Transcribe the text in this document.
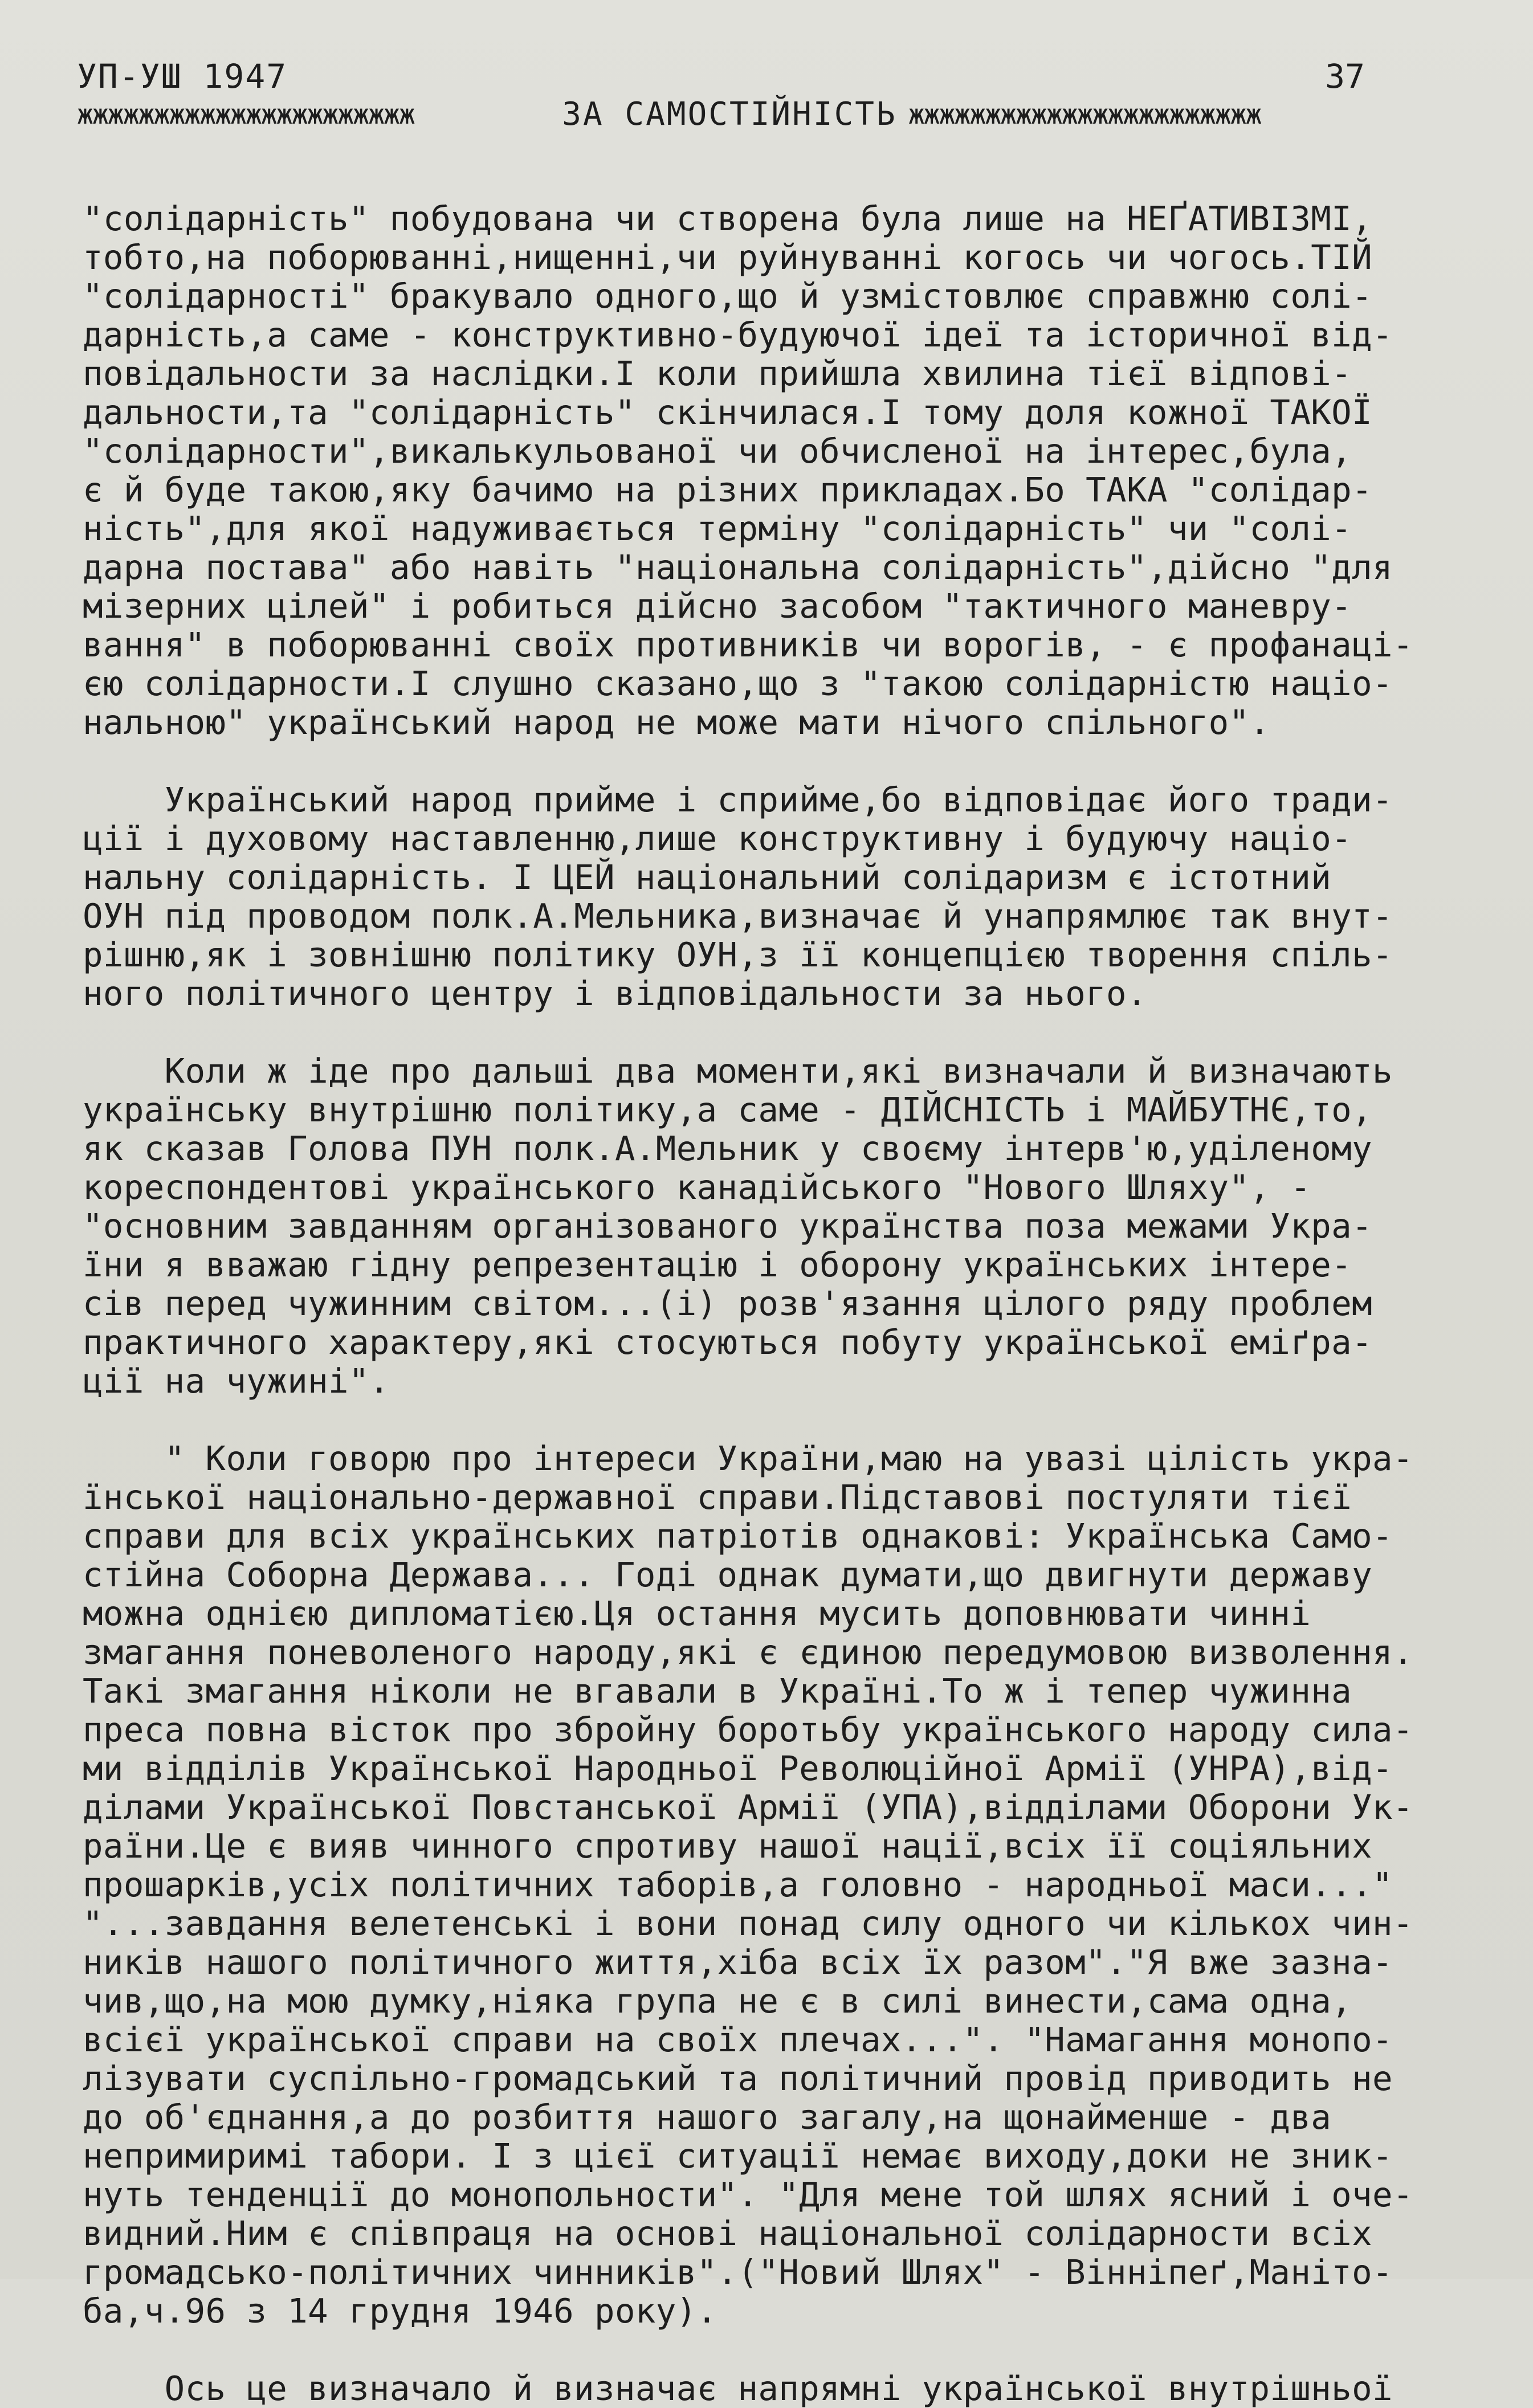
УП-УШ 1947	37
жжжжжжжжжжжжжжжжжжжжжж	ЗА САМОСТІЙНІСТЬ жжжжжжжжжжжжжжжжжжжжжжж
"солідарність" побудована чи створена була лише на НЕҐАТИВІЗМІ,
тобто,на поборюванні,нищенні,чи руйнуванні когось чи чогось.ТІЙ
"солідарності" бракувало одного,що й узмістовлює справжню солі-
дарність,а саме - конструктивно-будуючої ідеї та історичної від-
повідальности за наслідки.І коли прийшла хвилина тієї відпові-
дальности,та "солідарність" скінчилася.І тому доля кожної ТАКОЇ
"солідарности",викалькульованої чи обчисленої на інтерес,була,
є й буде такою,яку бачимо на різних прикладах.Бо ТАКА "солідар-
ність",для якої надуживається терміну "солідарність" чи "солі-
дарна постава" або навіть "національна солідарність",дійсно "для
мізерних цілей" і робиться дійсно засобом "тактичного маневру-
вання" в поборюванні своїх противників чи ворогів, - є профанаці-
єю солідарности.І слушно сказано,що з "такою солідарністю націо-
нальною" український народ не може мати нічого спільного".
Український народ прийме і сприйме,бо відповідає його тради-
ції і духовому наставленню,лише конструктивну і будуючу націо-
нальну солідарність. І ЦЕЙ національний солідаризм є істотний
ОУН під проводом полк.А.Мельника,визначає й унапрямлює так внут-
рішню,як і зовнішню політику ОУН,з її концепцією творення спіль-
ного політичного центру і відповідальности за нього.
Коли ж іде про дальші два моменти,які визначали й визначають
українську внутрішню політику,а саме - ДІЙСНІСТЬ і МАЙБУТНЄ,то,
як сказав Голова ПУН полк.А.Мельник у своєму інтерв'ю,уділеному
кореспондентові українського канадійського "Нового Шляху", -
"основним завданням організованого українства поза межами Укра-
їни я вважаю гідну репрезентацію і оборону українських інтере-
сів перед чужинним світом...(і) розв'язання цілого ряду проблем
практичного характеру,які стосуються побуту української еміґра-
ції на чужині".
" Коли говорю про інтереси України,маю на увазі цілість укра-
їнської національно-державної справи.Підставові постуляти тієї
справи для всіх українських патріотів однакові: Українська Само-
стійна Соборна Держава... Годі однак думати,що двигнути державу
можна однією дипломатією.Ця остання мусить доповнювати чинні
змагання поневоленого народу,які є єдиною передумовою визволення.
Такі змагання ніколи не вгавали в Україні.То ж і тепер чужинна
преса повна вісток про збройну боротьбу українського народу сила-
ми відділів Української Народньої Революційної Армії (УНРА),від-
ділами Української Повстанської Армії (УПА),відділами Оборони Ук-
раїни.Це є вияв чинного спротиву нашої нації,всіх її соціяльних
прошарків,усіх політичних таборів,а головно - народньої маси..."
"...завдання велетенські і вони понад силу одного чи кількох чин-
ників нашого політичного життя,хіба всіх їх разом"."Я вже зазна-
чив,що,на мою думку,ніяка група не є в силі винести,сама одна,
всієї української справи на своїх плечах...". "Намагання монопо-
лізувати суспільно-громадський та політичний провід приводить не
до об'єднання,а до розбиття нашого загалу,на щонайменше - два
непримиримі табори. І з цієї ситуації немає виходу,доки не зник-
нуть тенденції до монопольности". "Для мене той шлях ясний і оче-
видний.Ним є співпраця на основі національної солідарности всіх
громадсько-політичних чинників".("Новий Шлях" - Вінніпеґ,Маніто-
ба,ч.96 з 14 грудня 1946 року).
Ось це визначало й визначає напрямні української внутрішньої
